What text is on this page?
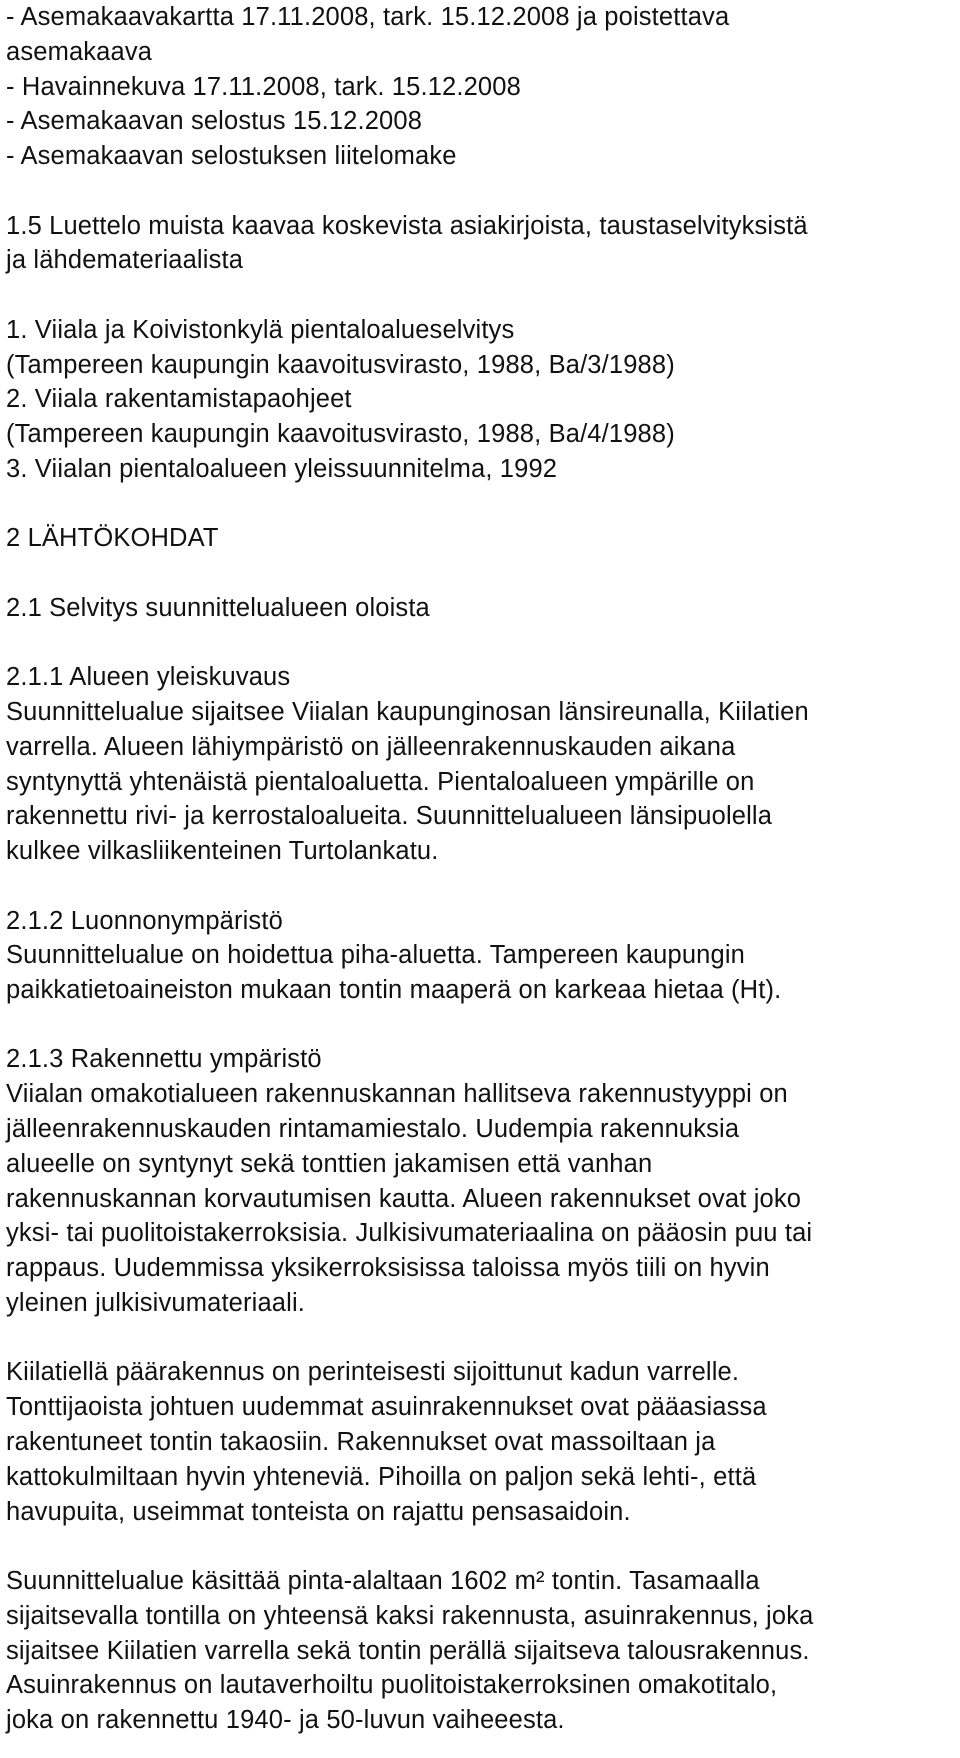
- Asemakaavakartta 17.11.2008, tark. 15.12.2008 ja poistettava
asemakaava
- Havainnekuva 17.11.2008, tark. 15.12.2008
- Asemakaavan selostus 15.12.2008
- Asemakaavan selostuksen liitelomake
1.5 Luettelo muista kaavaa koskevista asiakirjoista, taustaselvityksistä
ja lähdemateriaalista
1. Viiala ja Koivistonkylä pientaloalueselvitys
(Tampereen kaupungin kaavoitusvirasto, 1988, Ba/3/1988)
2. Viiala rakentamistapaohjeet
(Tampereen kaupungin kaavoitusvirasto, 1988, Ba/4/1988)
3. Viialan pientaloalueen yleissuunnitelma, 1992
2 LÄHTÖKOHDAT
2.1 Selvitys suunnittelualueen oloista
2.1.1 Alueen yleiskuvaus
Suunnittelualue sijaitsee Viialan kaupunginosan länsireunalla, Kiilatien
varrella. Alueen lähiympäristö on jälleenrakennuskauden aikana
syntynyttä yhtenäistä pientaloaluetta. Pientaloalueen ympärille on
rakennettu rivi- ja kerrostaloalueita. Suunnittelualueen länsipuolella
kulkee vilkasliikenteinen Turtolankatu.
2.1.2 Luonnonympäristö
Suunnittelualue on hoidettua piha-aluetta. Tampereen kaupungin
paikkatietoaineiston mukaan tontin maaperä on karkeaa hietaa (Ht).
2.1.3 Rakennettu ympäristö
Viialan omakotialueen rakennuskannan hallitseva rakennustyyppi on
jälleenrakennuskauden rintamamiestalo. Uudempia rakennuksia
alueelle on syntynyt sekä tonttien jakamisen että vanhan
rakennuskannan korvautumisen kautta. Alueen rakennukset ovat joko
yksi- tai puolitoistakerroksisia. Julkisivumateriaalina on pääosin puu tai
rappaus. Uudemmissa yksikerroksisissa taloissa myös tiili on hyvin
yleinen julkisivumateriaali.
Kiilatiellä päärakennus on perinteisesti sijoittunut kadun varrelle.
Tonttijaoista johtuen uudemmat asuinrakennukset ovat pääasiassa
rakentuneet tontin takaosiin. Rakennukset ovat massoiltaan ja
kattokulmiltaan hyvin yhteneviä. Pihoilla on paljon sekä lehti-, että
havupuita, useimmat tonteista on rajattu pensasaidoin.
Suunnittelualue käsittää pinta-alaltaan 1602 m² tontin. Tasamaalla
sijaitsevalla tontilla on yhteensä kaksi rakennusta, asuinrakennus, joka
sijaitsee Kiilatien varrella sekä tontin perällä sijaitseva talousrakennus.
Asuinrakennus on lautaverhoiltu puolitoistakerroksinen omakotitalo,
joka on rakennettu 1940- ja 50-luvun vaiheeesta.
